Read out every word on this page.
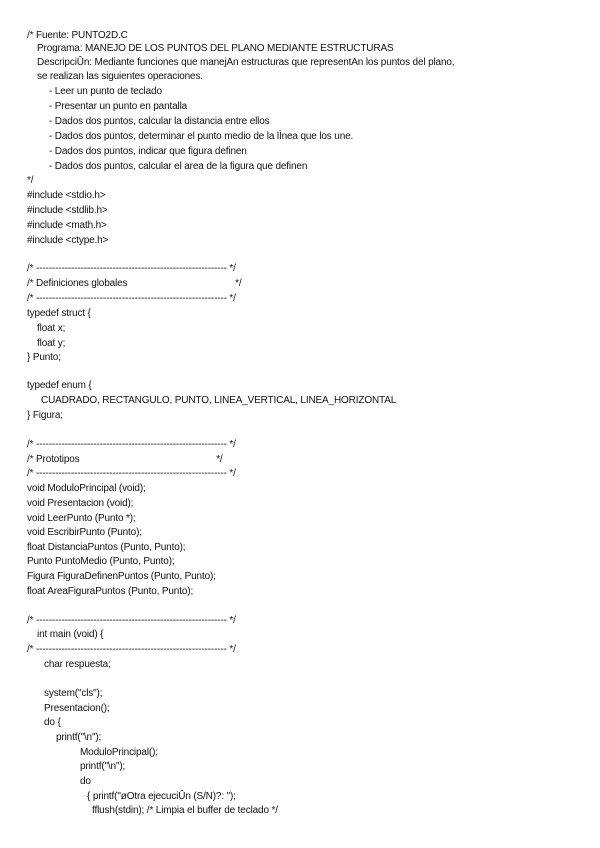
/* Fuente: PUNTO2D.C
Programa: MANEJO DE LOS PUNTOS DEL PLANO MEDIANTE ESTRUCTURAS
DescripciÛn: Mediante funciones que manejAn estructuras que representAn los puntos del plano,
se realizan las siguientes operaciones.
- Leer un punto de teclado
- Presentar un punto en pantalla
- Dados dos puntos, calcular la distancia entre ellos
- Dados dos puntos, determinar el punto medio de la lÌnea que los une.
- Dados dos puntos, indicar que figura definen
- Dados dos puntos, calcular el area de la figura que definen
*/
#include <stdio.h>
#include <stdlib.h>
#include <math.h>
#include <ctype.h>
/* ------------------------------------------------------------ */
/* Definiciones globales                                         */
/* ------------------------------------------------------------ */
typedef struct {
float x;
float y;
} Punto;
typedef enum {
CUADRADO, RECTANGULO, PUNTO, LINEA_VERTICAL, LINEA_HORIZONTAL
} Figura;
/* ------------------------------------------------------------ */
/* Prototipos                                                    */
/* ------------------------------------------------------------ */
void ModuloPrincipal (void);
void Presentacion (void);
void LeerPunto (Punto *);
void EscribirPunto (Punto);
float DistanciaPuntos (Punto, Punto);
Punto PuntoMedio (Punto, Punto);
Figura FiguraDefinenPuntos (Punto, Punto);
float AreaFiguraPuntos (Punto, Punto);
/* ------------------------------------------------------------ */
int main (void) {
/* ------------------------------------------------------------ */
char respuesta;
system("cls");
Presentacion();
do {
printf("\n");
ModuloPrincipal();
printf("\n");
do
{ printf("øOtra ejecuciÛn (S/N)?: ");
fflush(stdin); /* Limpia el buffer de teclado */
